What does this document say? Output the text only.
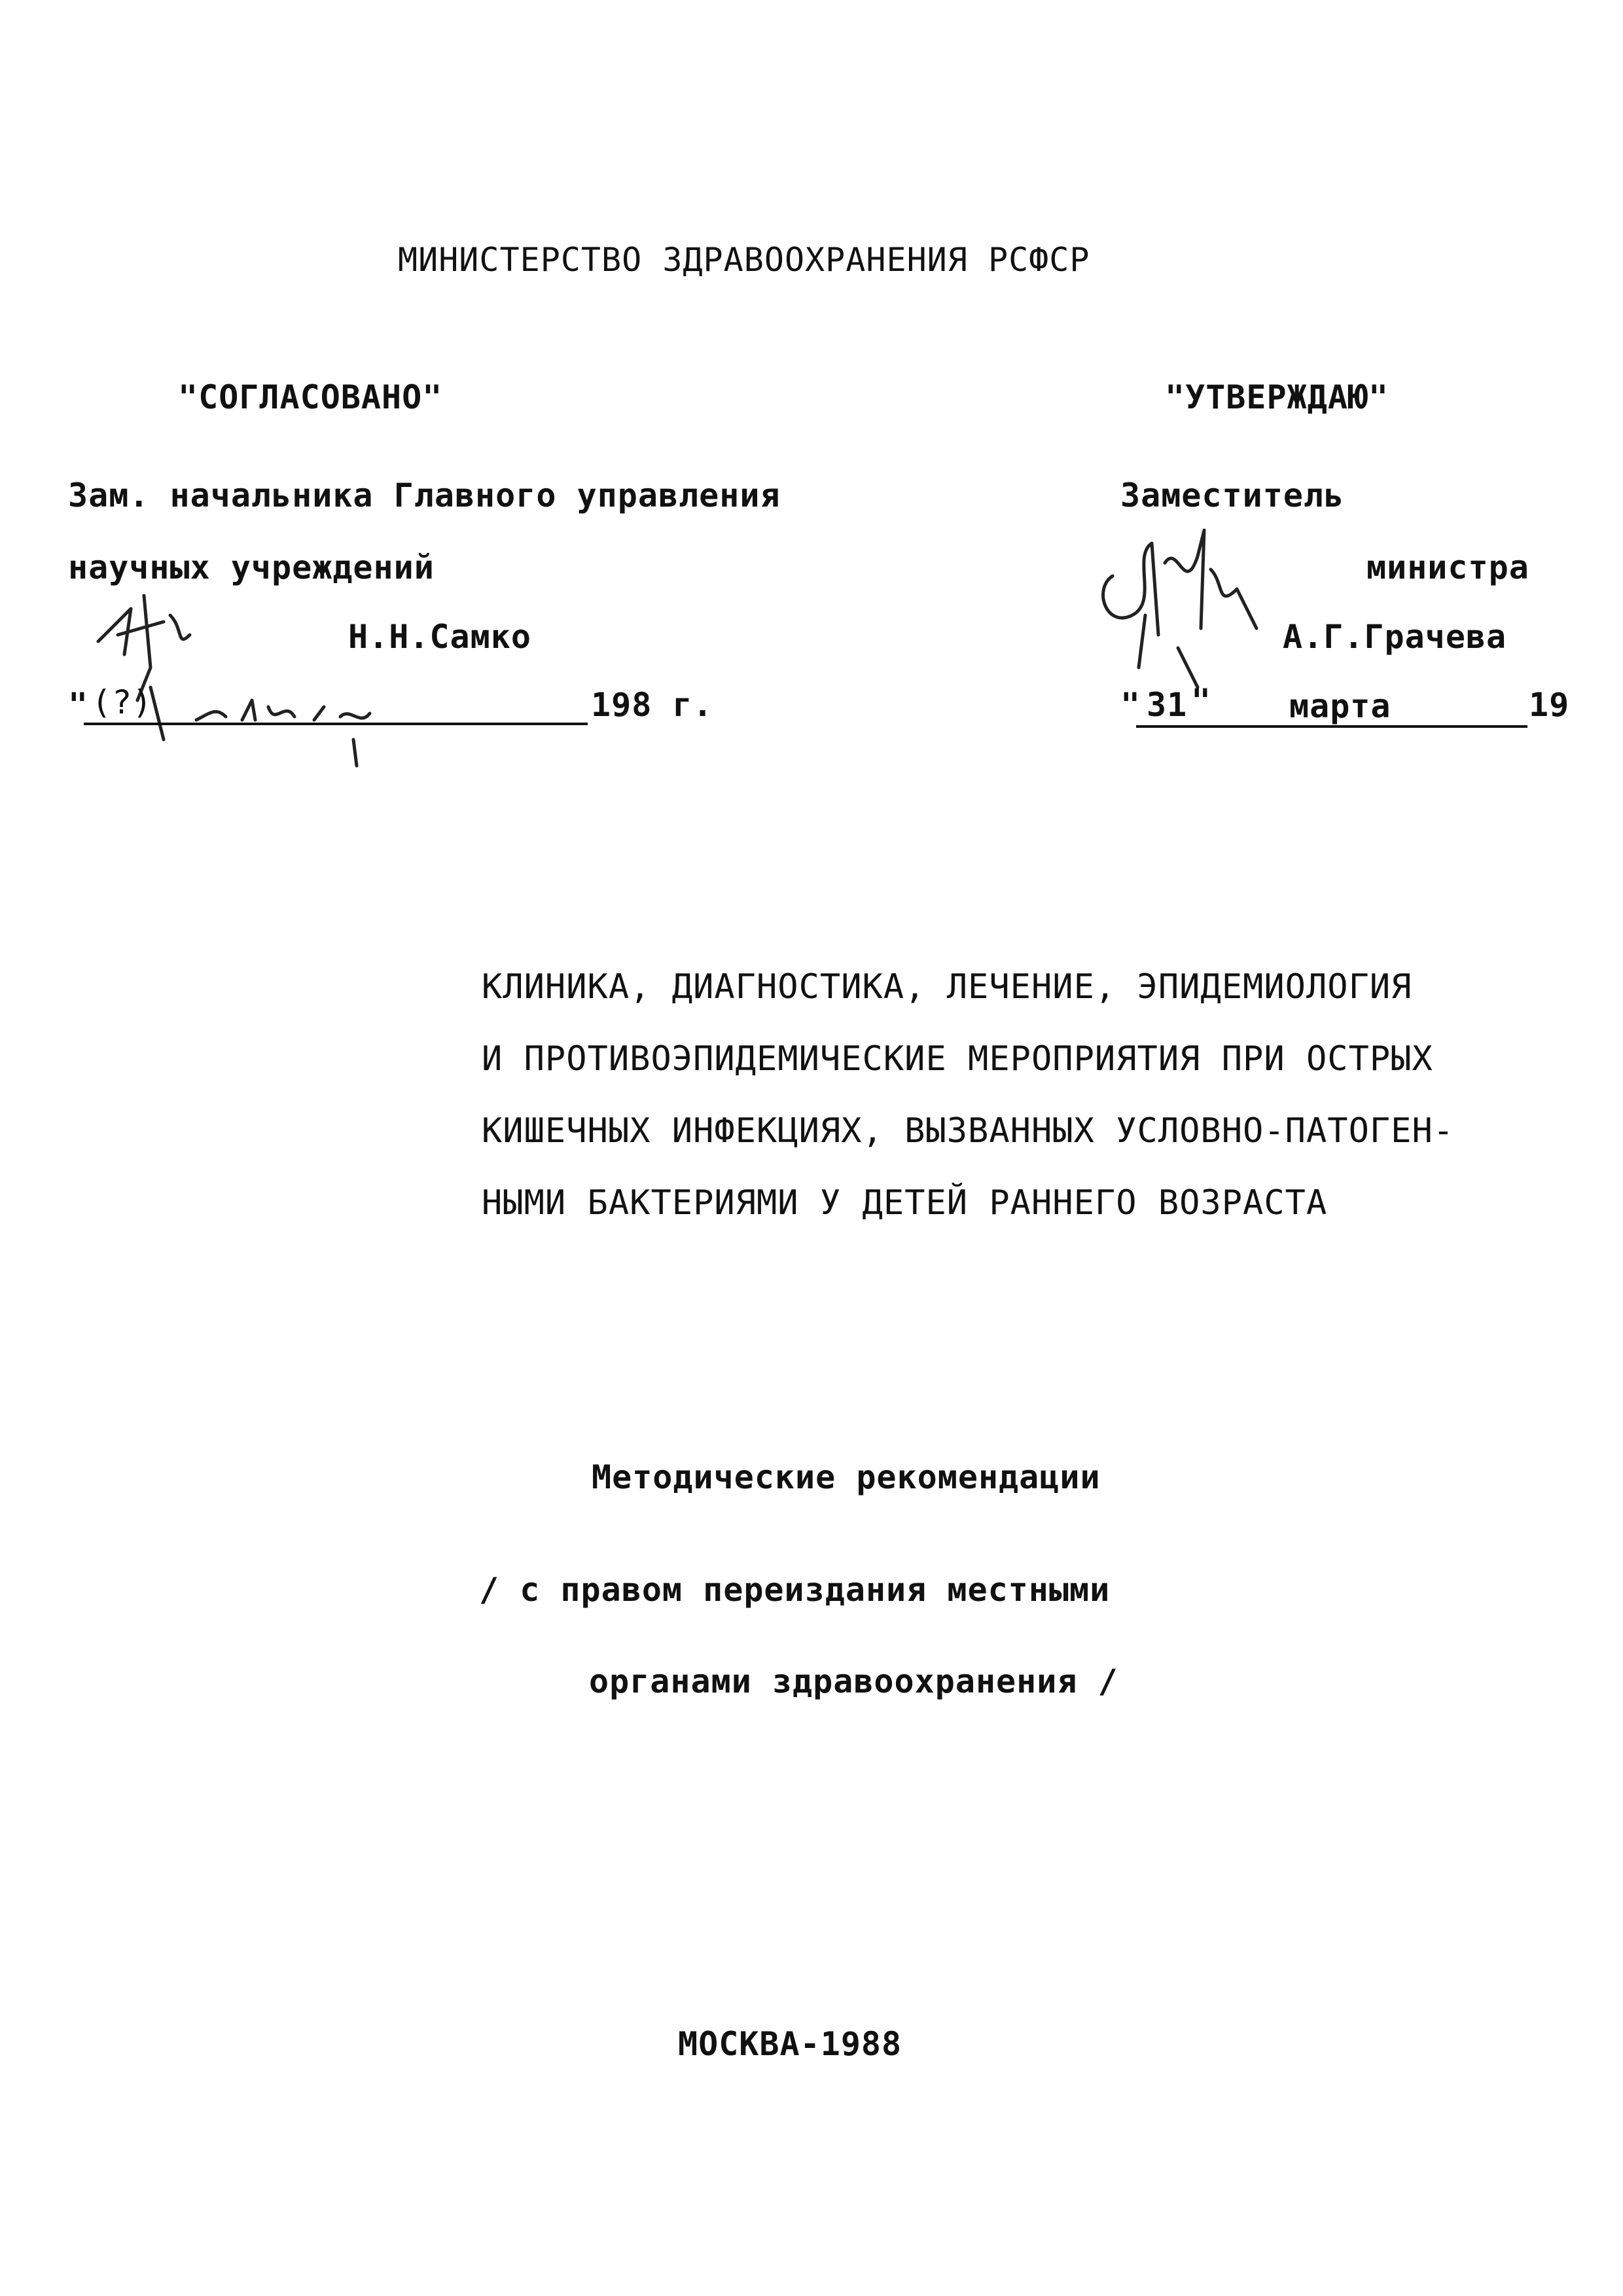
МИНИСТЕРСТВО ЗДРАВООХРАНЕНИЯ РСФСР
"СОГЛАСОВАНО"
Зам. начальника Главного управления
научных учреждений
Н.Н.Самко
" (?)	198 г.
"УТВЕРЖДАЮ"
Заместитель
министра
А.Г.Грачева
" 31 " марта	19
КЛИНИКА, ДИАГНОСТИКА, ЛЕЧЕНИЕ, ЭПИДЕМИОЛОГИЯ
И ПРОТИВОЭПИДЕМИЧЕСКИЕ МЕРОПРИЯТИЯ ПРИ ОСТРЫХ
КИШЕЧНЫХ ИНФЕКЦИЯХ, ВЫЗВАННЫХ УСЛОВНО-ПАТОГЕН-
НЫМИ БАКТЕРИЯМИ У ДЕТЕЙ РАННЕГО ВОЗРАСТА
Методические рекомендации
/ с правом переиздания местными
органами здравоохранения /
МОСКВА-1988
